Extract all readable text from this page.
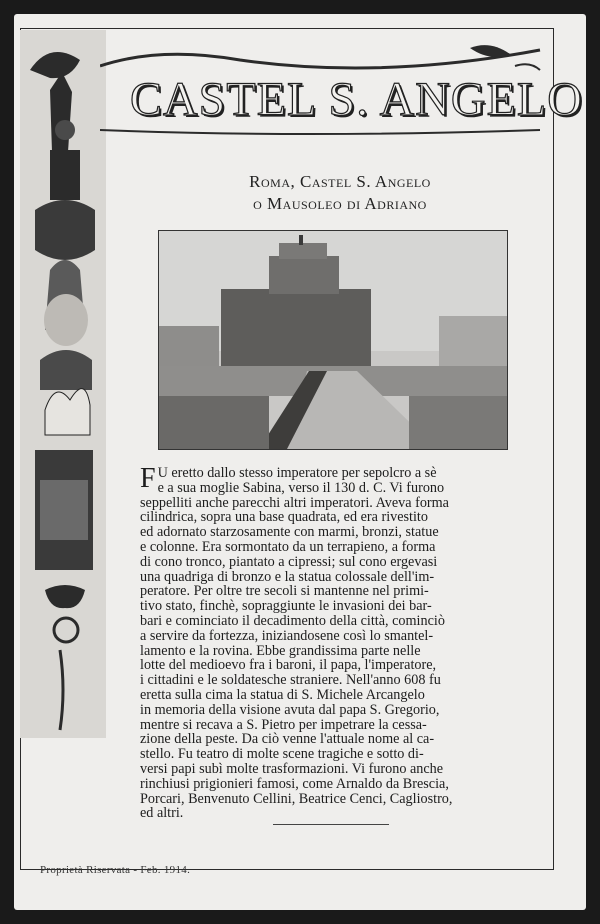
CASTEL S. ANGELO
Roma, Castel S. Angelo
o Mausoleo di Adriano
F U eretto dallo stesso imperatore per sepolcro a sè
e a sua moglie Sabina, verso il 130 d. C. Vi furono
seppelliti anche parecchi altri imperatori. Aveva forma
cilindrica, sopra una base quadrata, ed era rivestito
ed adornato starzosamente con marmi, bronzi, statue
e colonne. Era sormontato da un terrapieno, a forma
di cono tronco, piantato a cipressi; sul cono ergevasi
una quadriga di bronzo e la statua colossale dell'im-
peratore. Per oltre tre secoli si mantenne nel primi-
tivo stato, finchè, sopraggiunte le invasioni dei bar-
bari e cominciato il decadimento della città, cominciò
a servire da fortezza, iniziandosene così lo smantel-
lamento e la rovina. Ebbe grandissima parte nelle
lotte del medioevo fra i baroni, il papa, l'imperatore,
i cittadini e le soldatesche straniere. Nell'anno 608 fu
eretta sulla cima la statua di S. Michele Arcangelo
in memoria della visione avuta dal papa S. Gregorio,
mentre si recava a S. Pietro per impetrare la cessa-
zione della peste. Da ciò venne l'attuale nome al ca-
stello. Fu teatro di molte scene tragiche e sotto di-
versi papi subì molte trasformazioni. Vi furono anche
rinchiusi prigionieri famosi, come Arnaldo da Brescia,
Porcari, Benvenuto Cellini, Beatrice Cenci, Cagliostro,
ed altri.
Proprietà Riservata - Feb. 1914.
